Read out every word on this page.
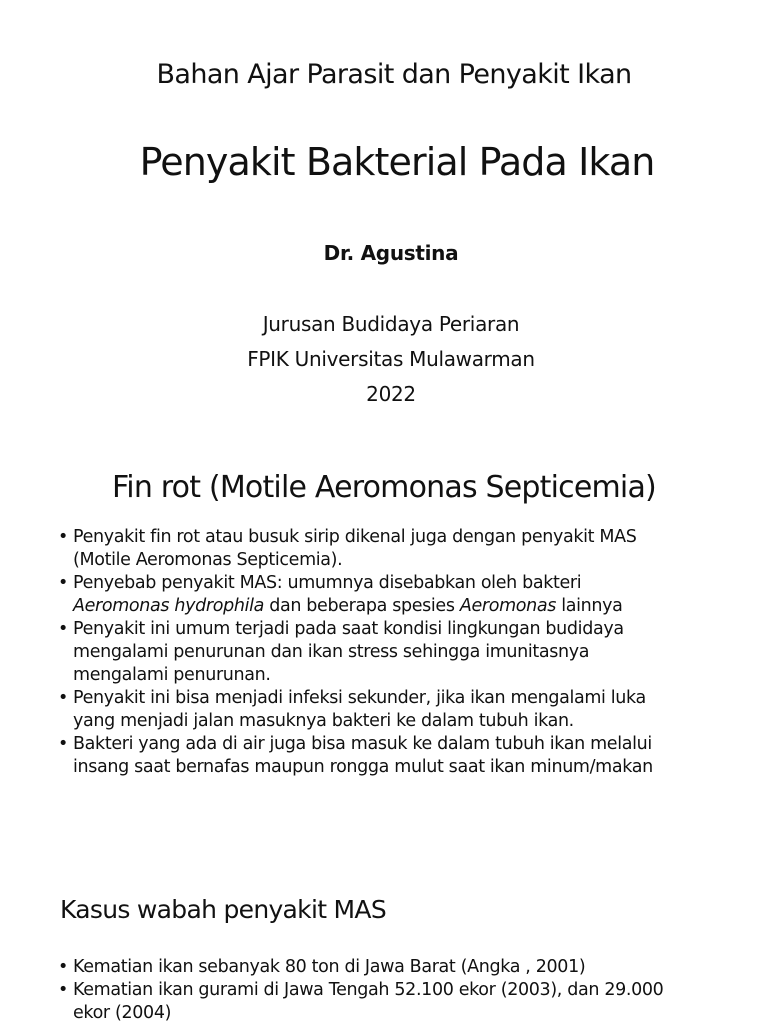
Bahan Ajar Parasit dan Penyakit Ikan
Penyakit Bakterial Pada Ikan
Dr. Agustina
Jurusan Budidaya Periaran
FPIK Universitas Mulawarman
2022
Fin rot (Motile Aeromonas Septicemia)
• Penyakit fin rot atau busuk sirip dikenal juga dengan penyakit MAS
(Motile Aeromonas Septicemia).
• Penyebab penyakit MAS: umumnya disebabkan oleh bakteri
Aeromonas hydrophila dan beberapa spesies Aeromonas lainnya
• Penyakit ini umum terjadi pada saat kondisi lingkungan budidaya
mengalami penurunan dan ikan stress sehingga imunitasnya
mengalami penurunan.
• Penyakit ini bisa menjadi infeksi sekunder, jika ikan mengalami luka
yang menjadi jalan masuknya bakteri ke dalam tubuh ikan.
• Bakteri yang ada di air juga bisa masuk ke dalam tubuh ikan melalui
insang saat bernafas maupun rongga mulut saat ikan minum/makan
Kasus wabah penyakit MAS
• Kematian ikan sebanyak 80 ton di Jawa Barat (Angka , 2001)
• Kematian ikan gurami di Jawa Tengah 52.100 ekor (2003), dan 29.000
ekor (2004)
